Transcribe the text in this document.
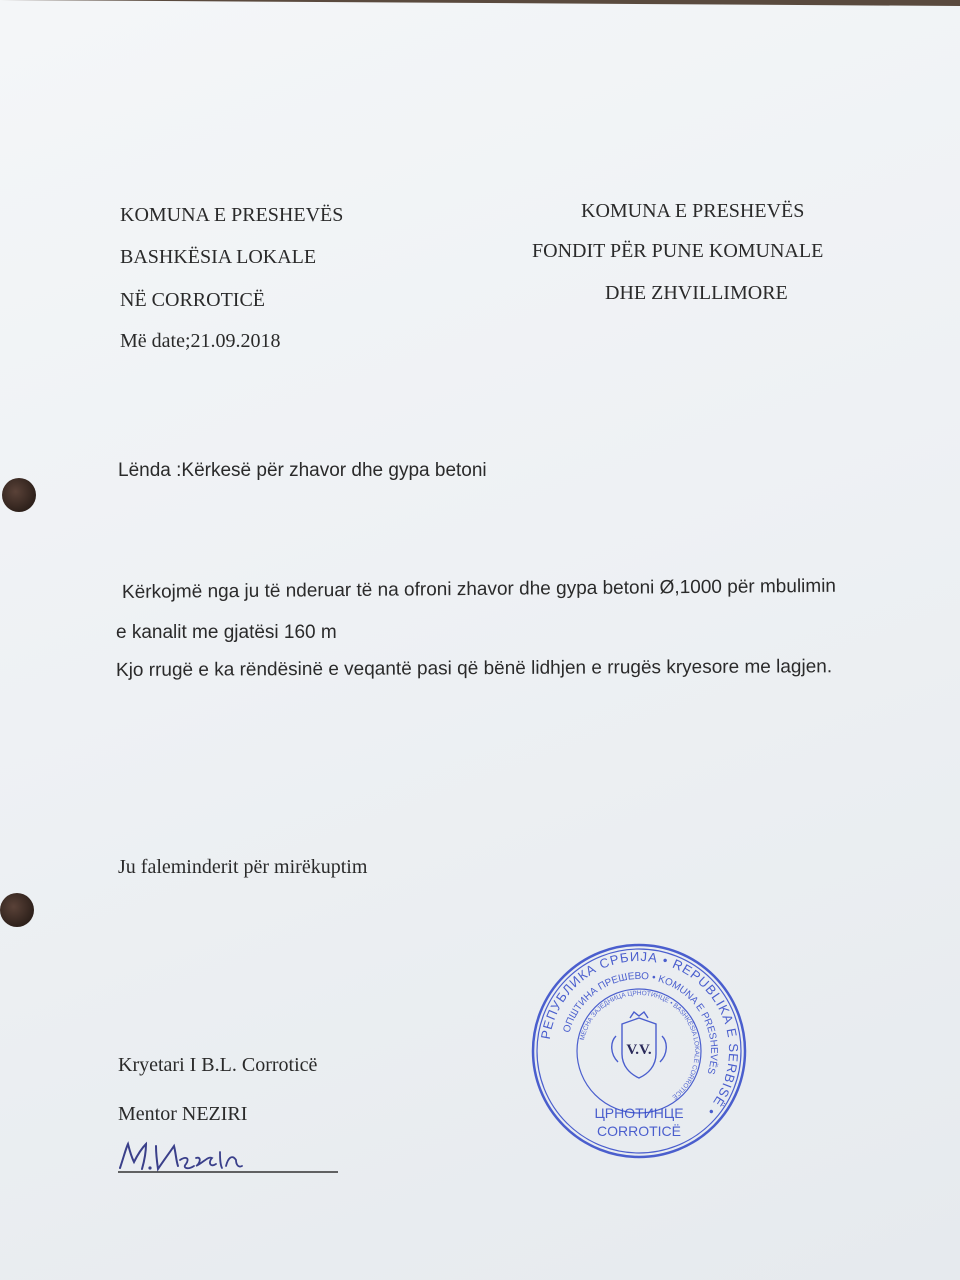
KOMUNA E PRESHEVËS
BASHKËSIA LOKALE
NË CORROTICË
Më date;21.09.2018
KOMUNA E PRESHEVËS
FONDIT PËR PUNE KOMUNALE
DHE ZHVILLIMORE
Lënda :Kërkesë për zhavor dhe gypa betoni
Kërkojmë nga ju të nderuar të na ofroni zhavor dhe gypa betoni Ø,1000 për mbulimin
e kanalit me gjatësi 160 m
Kjo rrugë e ka rëndësinë e veqantë pasi që bënë lidhjen e rrugës kryesore me lagjen.
Ju faleminderit për mirëkuptim
Kryetari I B.L. Corroticë
Mentor NEZIRI
РЕПУБЛИКА СРБИЈА • REPUBLIKA E SERBISË •
ОПШТИНА ПРЕШЕВО • KOMUNA E PRESHEVËS
МЕСНА ЗАЈЕДНИЦА ЦРНОТИНЦЕ • BASHKËSIA LOKALE CORROTICË
ЦРНОТИНЦЕ
CORROTICË
V.V.
